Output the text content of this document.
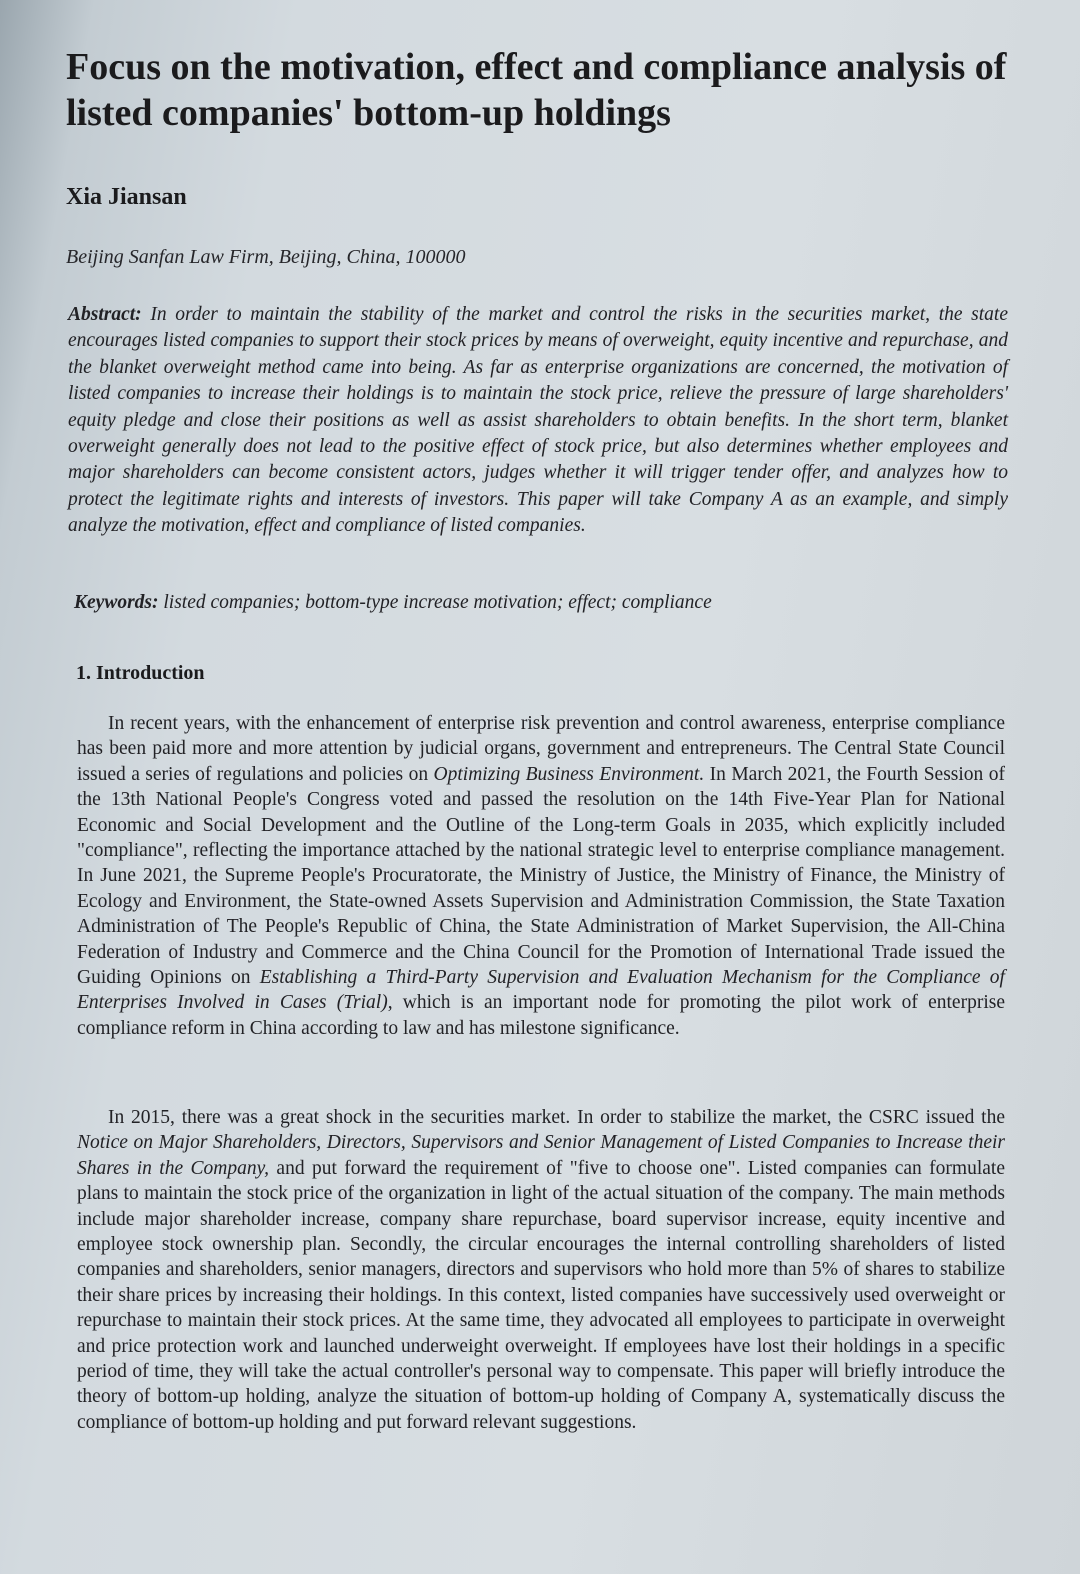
Focus on the motivation, effect and compliance analysis of listed companies' bottom-up holdings

Xia Jiansan

Beijing Sanfan Law Firm, Beijing, China, 100000

Abstract: In order to maintain the stability of the market and control the risks in the securities market, the state encourages listed companies to support their stock prices by means of overweight, equity incentive and repurchase, and the blanket overweight method came into being. As far as enterprise organizations are concerned, the motivation of listed companies to increase their holdings is to maintain the stock price, relieve the pressure of large shareholders' equity pledge and close their positions as well as assist shareholders to obtain benefits. In the short term, blanket overweight generally does not lead to the positive effect of stock price, but also determines whether employees and major shareholders can become consistent actors, judges whether it will trigger tender offer, and analyzes how to protect the legitimate rights and interests of investors. This paper will take Company A as an example, and simply analyze the motivation, effect and compliance of listed companies.

Keywords: listed companies; bottom-type increase motivation; effect; compliance

1. Introduction

In recent years, with the enhancement of enterprise risk prevention and control awareness, enterprise compliance has been paid more and more attention by judicial organs, government and entrepreneurs. The Central State Council issued a series of regulations and policies on Optimizing Business Environment. In March 2021, the Fourth Session of the 13th National People's Congress voted and passed the resolution on the 14th Five-Year Plan for National Economic and Social Development and the Outline of the Long-term Goals in 2035, which explicitly included "compliance", reflecting the importance attached by the national strategic level to enterprise compliance management. In June 2021, the Supreme People's Procuratorate, the Ministry of Justice, the Ministry of Finance, the Ministry of Ecology and Environment, the State-owned Assets Supervision and Administration Commission, the State Taxation Administration of The People's Republic of China, the State Administration of Market Supervision, the All-China Federation of Industry and Commerce and the China Council for the Promotion of International Trade issued the Guiding Opinions on Establishing a Third-Party Supervision and Evaluation Mechanism for the Compliance of Enterprises Involved in Cases (Trial), which is an important node for promoting the pilot work of enterprise compliance reform in China according to law and has milestone significance.

In 2015, there was a great shock in the securities market. In order to stabilize the market, the CSRC issued the Notice on Major Shareholders, Directors, Supervisors and Senior Management of Listed Companies to Increase their Shares in the Company, and put forward the requirement of "five to choose one". Listed companies can formulate plans to maintain the stock price of the organization in light of the actual situation of the company. The main methods include major shareholder increase, company share repurchase, board supervisor increase, equity incentive and employee stock ownership plan. Secondly, the circular encourages the internal controlling shareholders of listed companies and shareholders, senior managers, directors and supervisors who hold more than 5% of shares to stabilize their share prices by increasing their holdings. In this context, listed companies have successively used overweight or repurchase to maintain their stock prices. At the same time, they advocated all employees to participate in overweight and price protection work and launched underweight overweight. If employees have lost their holdings in a specific period of time, they will take the actual controller's personal way to compensate. This paper will briefly introduce the theory of bottom-up holding, analyze the situation of bottom-up holding of Company A, systematically discuss the compliance of bottom-up holding and put forward relevant suggestions.
